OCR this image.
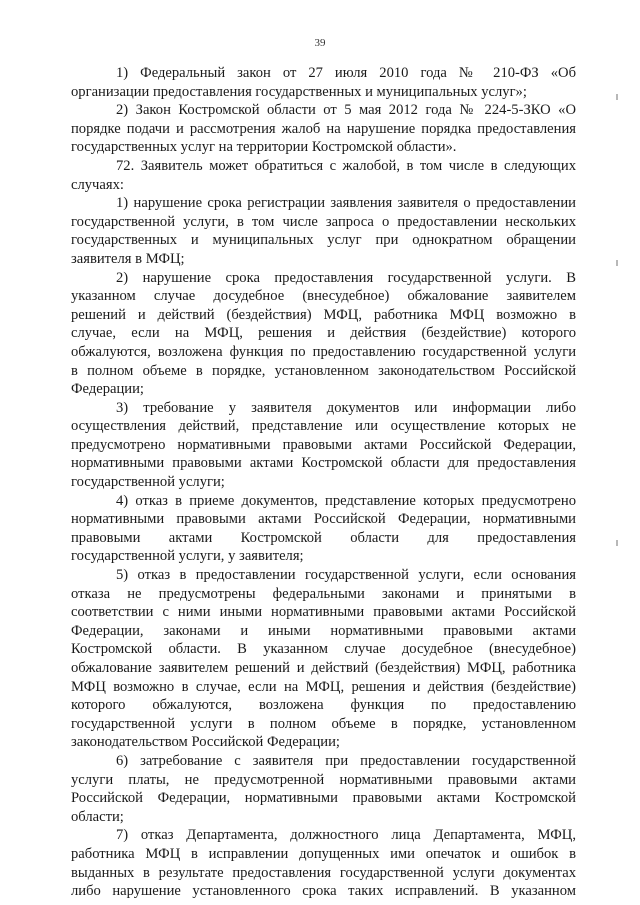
39
1) Федеральный закон от 27 июля 2010 года № 210-ФЗ «Об
организации предоставления государственных и муниципальных услуг»;
2) Закон Костромской области от 5 мая 2012 года № 224-5-ЗКО «О
порядке подачи и рассмотрения жалоб на нарушение порядка предоставления
государственных услуг на территории Костромской области».
72. Заявитель может обратиться с жалобой, в том числе в следующих
случаях:
1) нарушение срока регистрации заявления заявителя о предоставлении
государственной услуги, в том числе запроса о предоставлении нескольких
государственных и муниципальных услуг при однократном обращении
заявителя в МФЦ;
2) нарушение срока предоставления государственной услуги. В
указанном случае досудебное (внесудебное) обжалование заявителем
решений и действий (бездействия) МФЦ, работника МФЦ возможно в
случае, если на МФЦ, решения и действия (бездействие) которого
обжалуются, возложена функция по предоставлению государственной услуги
в полном объеме в порядке, установленном законодательством Российской
Федерации;
3) требование у заявителя документов или информации либо
осуществления действий, представление или осуществление которых не
предусмотрено нормативными правовыми актами Российской Федерации,
нормативными правовыми актами Костромской области для предоставления
государственной услуги;
4) отказ в приеме документов, представление которых предусмотрено
нормативными правовыми актами Российской Федерации, нормативными
правовыми актами Костромской области для предоставления
государственной услуги, у заявителя;
5) отказ в предоставлении государственной услуги, если основания
отказа не предусмотрены федеральными законами и принятыми в
соответствии с ними иными нормативными правовыми актами Российской
Федерации, законами и иными нормативными правовыми актами
Костромской области. В указанном случае досудебное (внесудебное)
обжалование заявителем решений и действий (бездействия) МФЦ, работника
МФЦ возможно в случае, если на МФЦ, решения и действия (бездействие)
которого обжалуются, возложена функция по предоставлению
государственной услуги в полном объеме в порядке, установленном
законодательством Российской Федерации;
6) затребование с заявителя при предоставлении государственной
услуги платы, не предусмотренной нормативными правовыми актами
Российской Федерации, нормативными правовыми актами Костромской
области;
7) отказ Департамента, должностного лица Департамента, МФЦ,
работника МФЦ в исправлении допущенных ими опечаток и ошибок в
выданных в результате предоставления государственной услуги документах
либо нарушение установленного срока таких исправлений. В указанном
